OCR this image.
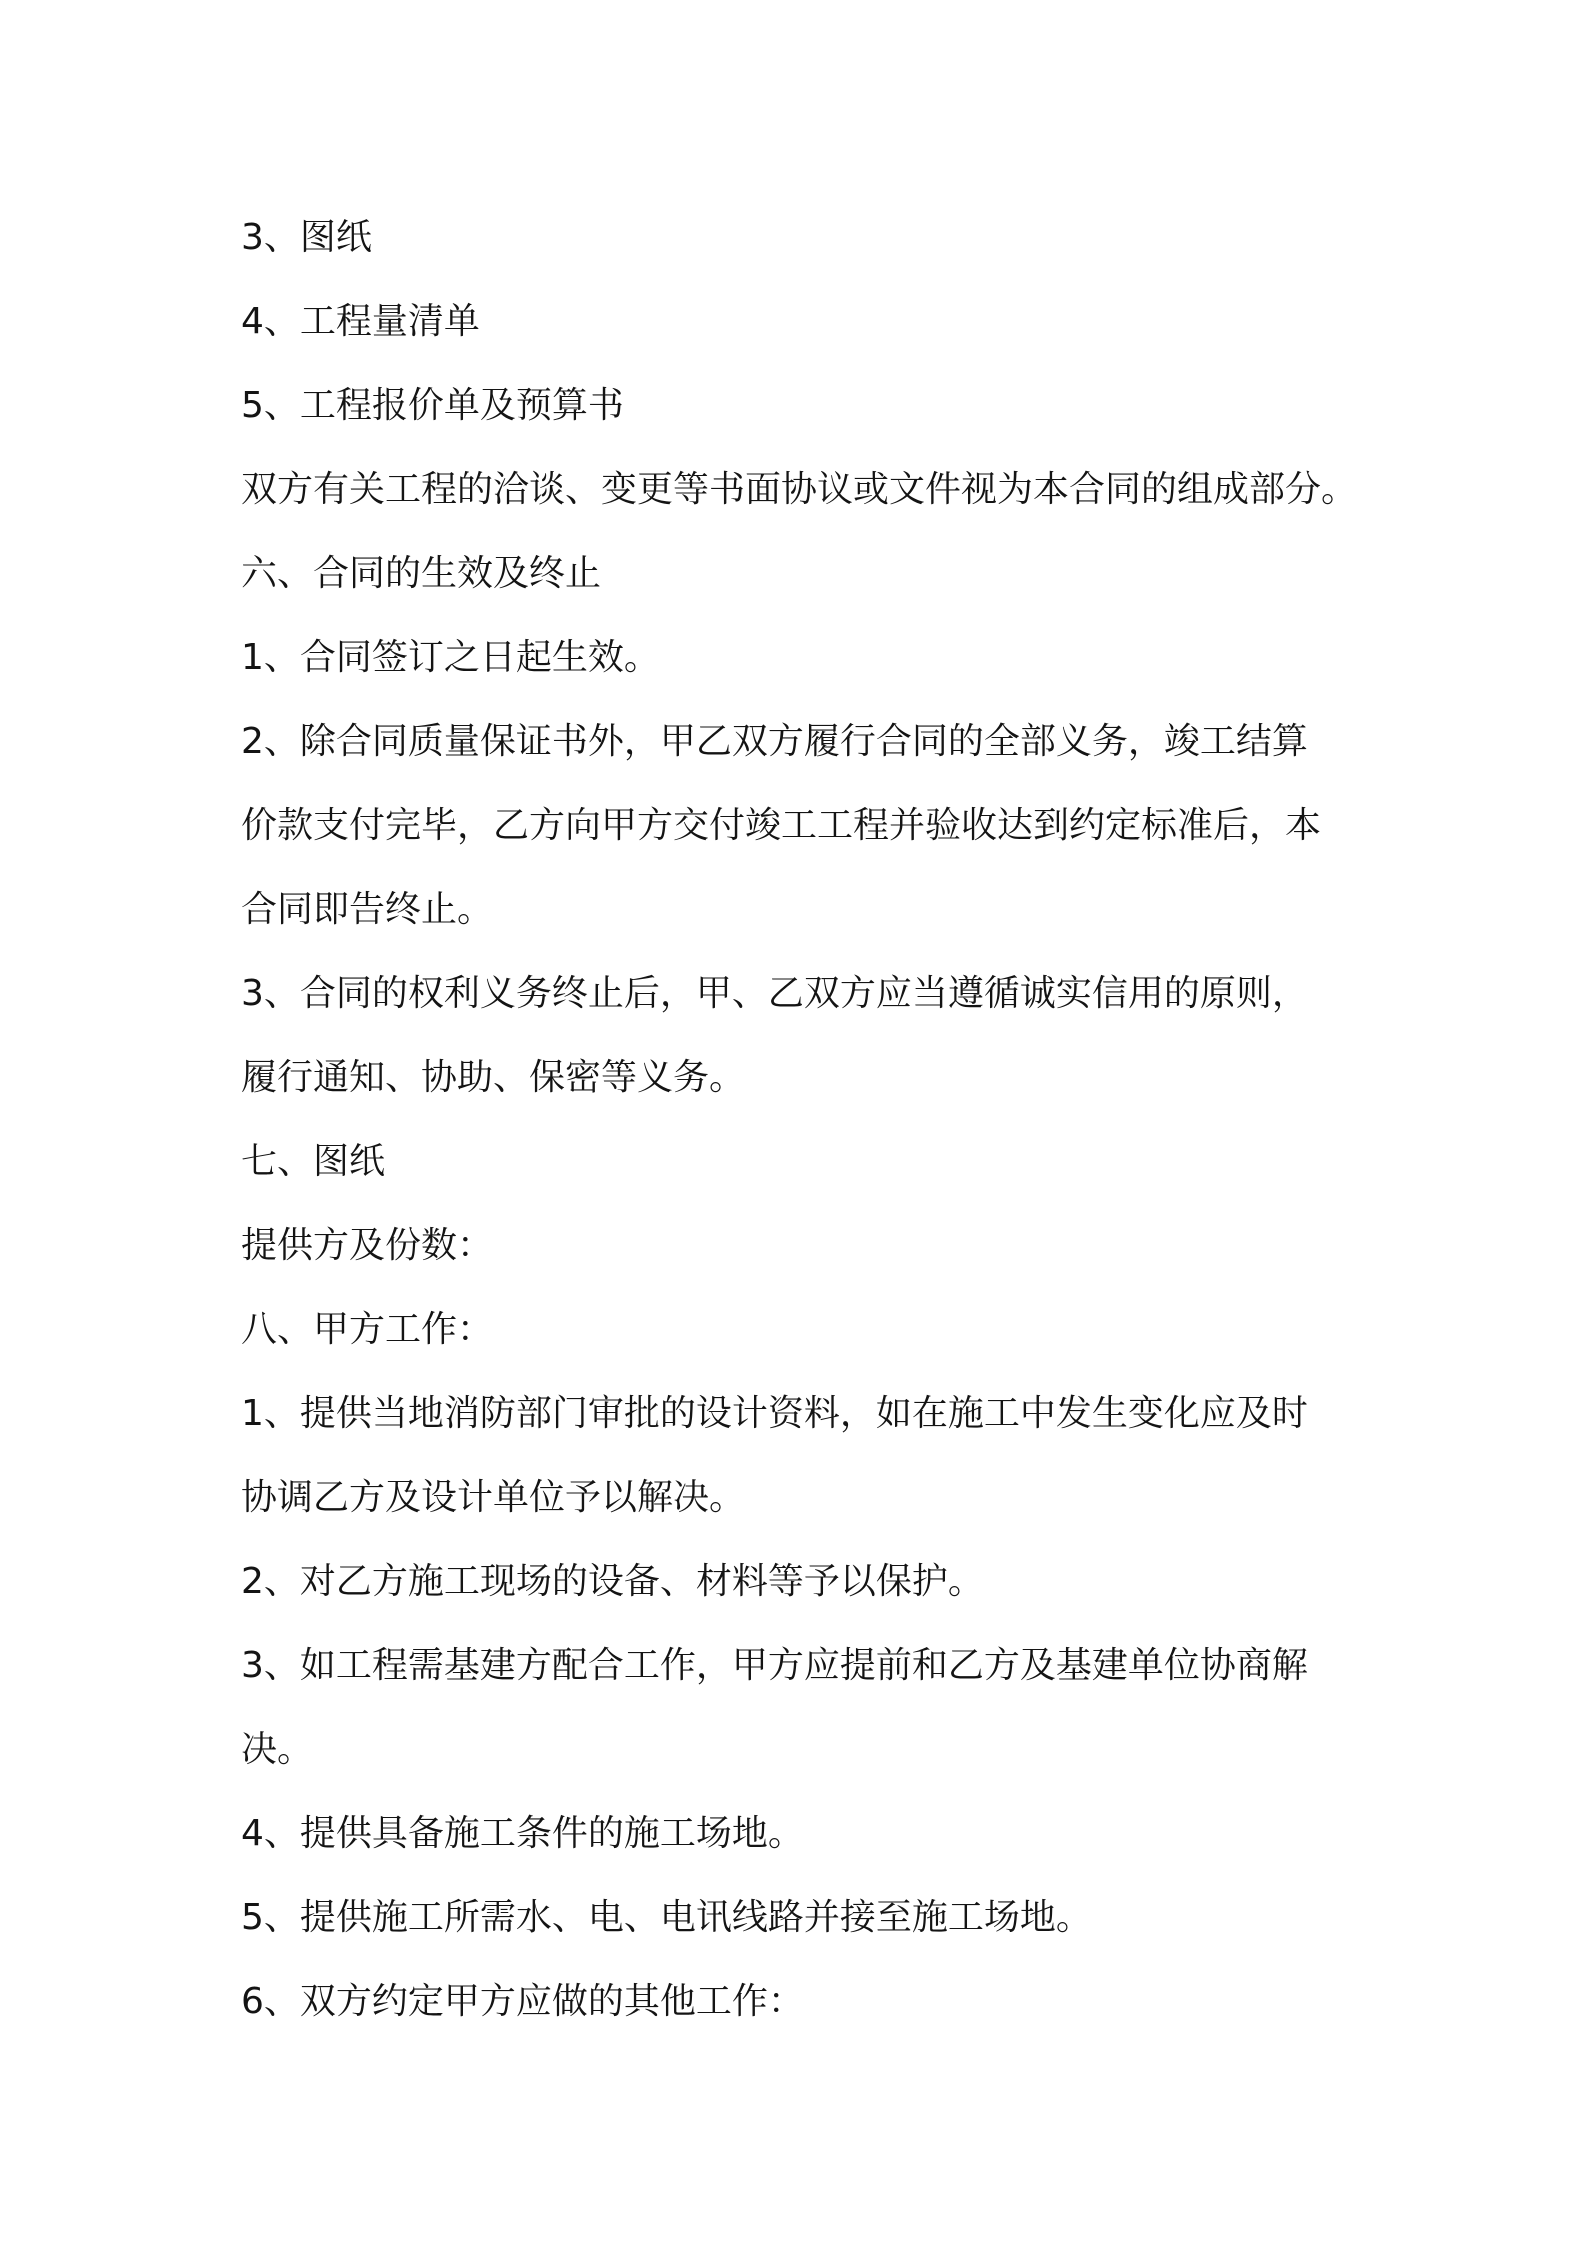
3、图纸
4、工程量清单
5、工程报价单及预算书
双方有关工程的洽谈、变更等书面协议或文件视为本合同的组成部分。
六、合同的生效及终止
1、合同签订之日起生效。
2、除合同质量保证书外，甲乙双方履行合同的全部义务，竣工结算
价款支付完毕，乙方向甲方交付竣工工程并验收达到约定标准后，本
合同即告终止。
3、合同的权利义务终止后，甲、乙双方应当遵循诚实信用的原则，
履行通知、协助、保密等义务。
七、图纸
提供方及份数：
八、甲方工作：
1、提供当地消防部门审批的设计资料，如在施工中发生变化应及时
协调乙方及设计单位予以解决。
2、对乙方施工现场的设备、材料等予以保护。
3、如工程需基建方配合工作，甲方应提前和乙方及基建单位协商解
决。
4、提供具备施工条件的施工场地。
5、提供施工所需水、电、电讯线路并接至施工场地。
6、双方约定甲方应做的其他工作：
